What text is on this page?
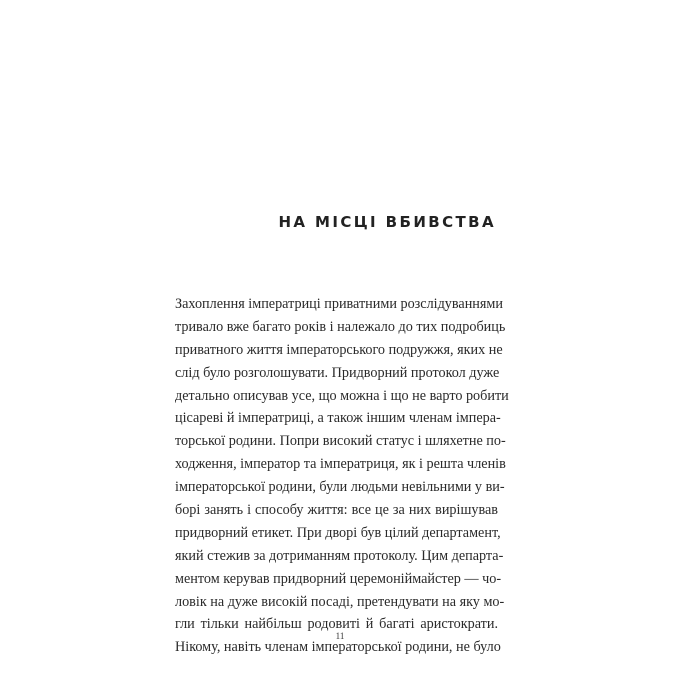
НА МІСЦІ ВБИВСТВА
Захоплення імператриці приватними розслідуваннями
тривало вже багато років і належало до тих подробиць
приватного життя імператорського подружжя, яких не
слід було розголошувати. Придворний протокол дуже
детально описував усе, що можна і що не варто робити
цісареві й імператриці, а також іншим членам імпера-
торської родини. Попри високий статус і шляхетне по-
ходження, імператор та імператриця, як і решта членів
імператорської родини, були людьми невільними у ви-
борі занять і способу життя: все це за них вирішував
придворний етикет. При дворі був цілий департамент,
який стежив за дотриманням протоколу. Цим департа-
ментом керував придворний церемоніймайстер — чо-
ловік на дуже високій посаді, претендувати на яку мо-
гли тільки найбільш родовиті й багаті аристократи.
Нікому, навіть членам імператорської родини, не було
11
